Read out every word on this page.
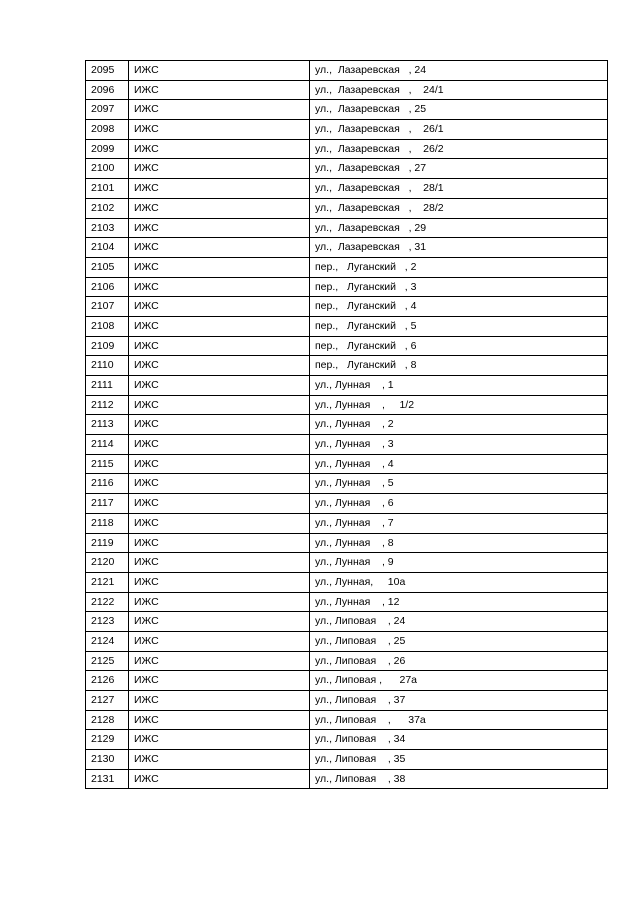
2095	ИЖС	ул.,  Лазаревская   , 24
2096	ИЖС	ул.,  Лазаревская   ,    24/1
2097	ИЖС	ул.,  Лазаревская   , 25
2098	ИЖС	ул.,  Лазаревская   ,    26/1
2099	ИЖС	ул.,  Лазаревская   ,    26/2
2100	ИЖС	ул.,  Лазаревская   , 27
2101	ИЖС	ул.,  Лазаревская   ,    28/1
2102	ИЖС	ул.,  Лазаревская   ,    28/2
2103	ИЖС	ул.,  Лазаревская   , 29
2104	ИЖС	ул.,  Лазаревская   , 31
2105	ИЖС	пер.,   Луганский   , 2
2106	ИЖС	пер.,   Луганский   , 3
2107	ИЖС	пер.,   Луганский   , 4
2108	ИЖС	пер.,   Луганский   , 5
2109	ИЖС	пер.,   Луганский   , 6
2110	ИЖС	пер.,   Луганский   , 8
2111	ИЖС	ул., Лунная    , 1
2112	ИЖС	ул., Лунная    ,     1/2
2113	ИЖС	ул., Лунная    , 2
2114	ИЖС	ул., Лунная    , 3
2115	ИЖС	ул., Лунная    , 4
2116	ИЖС	ул., Лунная    , 5
2117	ИЖС	ул., Лунная    , 6
2118	ИЖС	ул., Лунная    , 7
2119	ИЖС	ул., Лунная    , 8
2120	ИЖС	ул., Лунная    , 9
2121	ИЖС	ул., Лунная,     10а
2122	ИЖС	ул., Лунная    , 12
2123	ИЖС	ул., Липовая    , 24
2124	ИЖС	ул., Липовая    , 25
2125	ИЖС	ул., Липовая    , 26
2126	ИЖС	ул., Липовая ,      27а
2127	ИЖС	ул., Липовая    , 37
2128	ИЖС	ул., Липовая    ,      37а
2129	ИЖС	ул., Липовая    , 34
2130	ИЖС	ул., Липовая    , 35
2131	ИЖС	ул., Липовая    , 38
